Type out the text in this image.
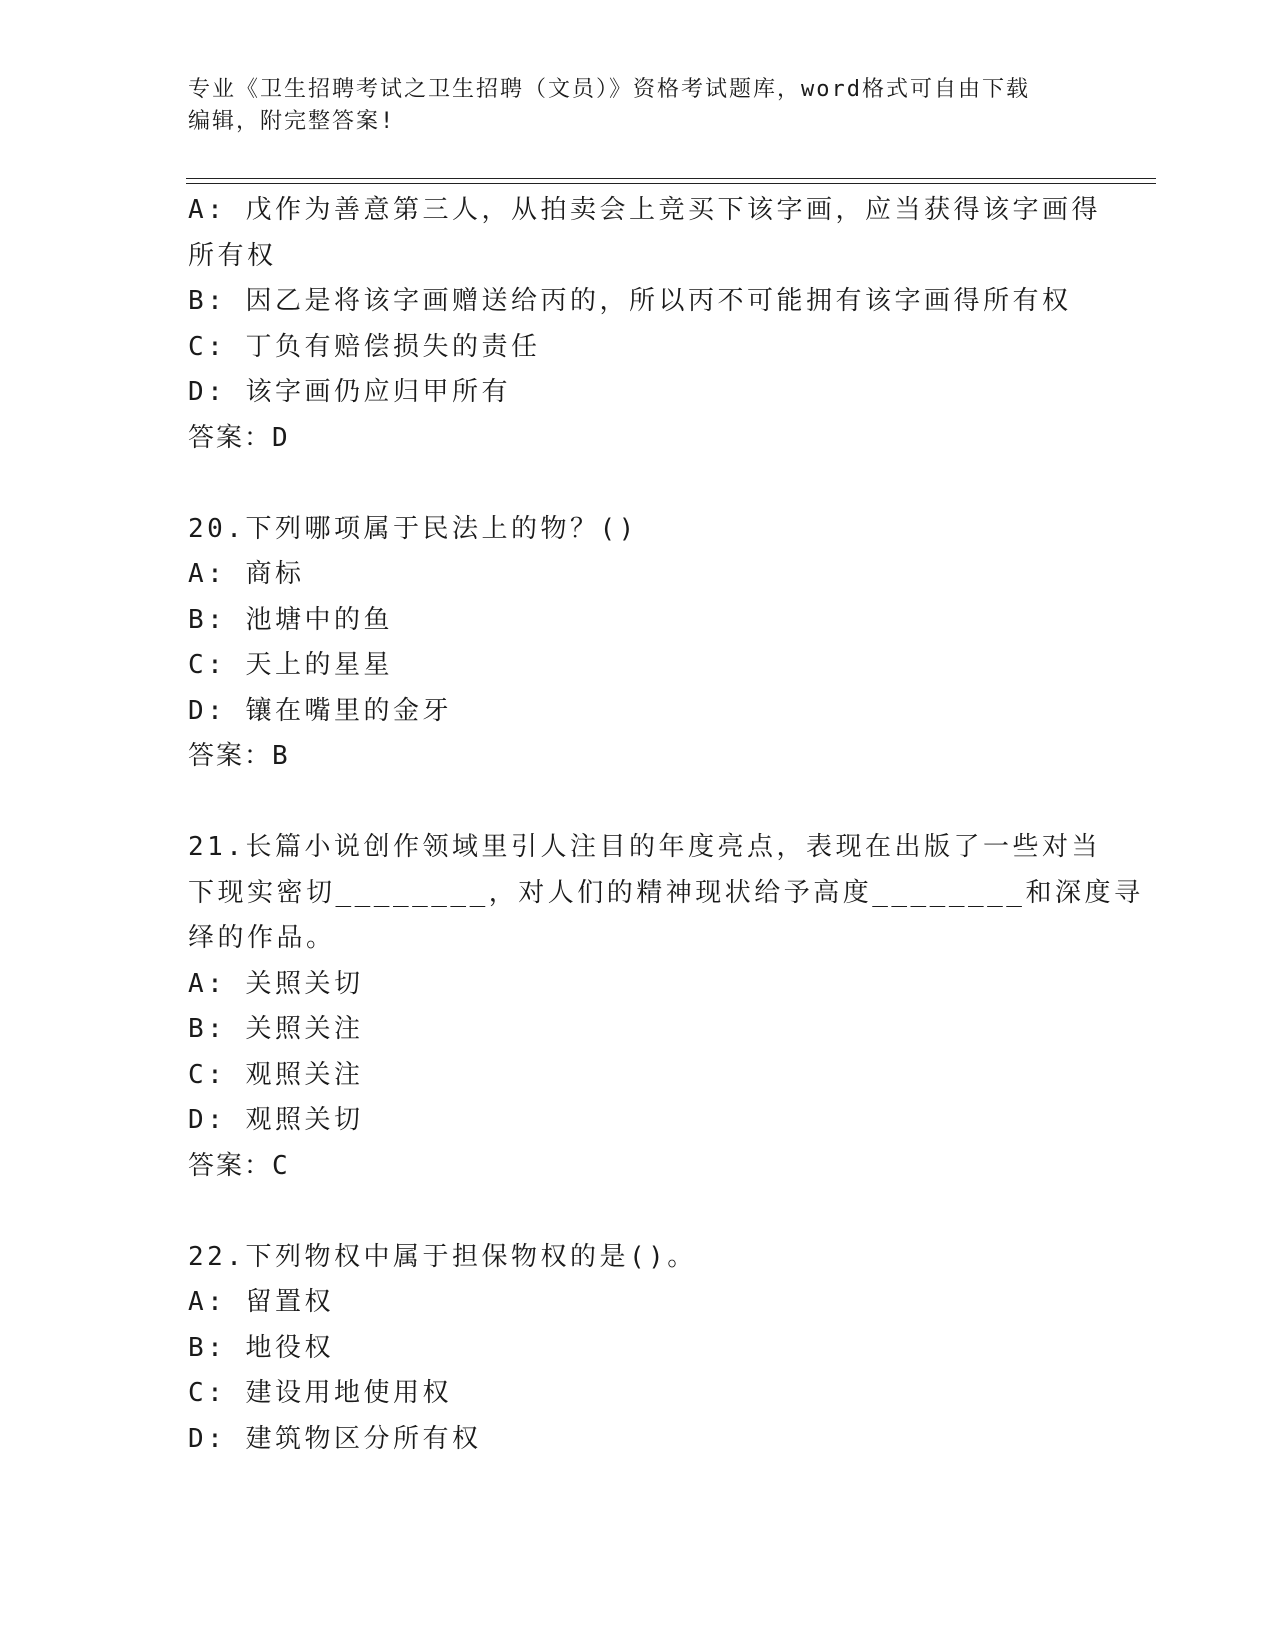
专业《卫生招聘考试之卫生招聘（文员）》资格考试题库，word格式可自由下载
编辑，附完整答案!
A: 戊作为善意第三人，从拍卖会上竞买下该字画，应当获得该字画得
所有权
B: 因乙是将该字画赠送给丙的，所以丙不可能拥有该字画得所有权
C: 丁负有赔偿损失的责任
D: 该字画仍应归甲所有
答案：D
20.下列哪项属于民法上的物？()
A: 商标
B: 池塘中的鱼
C: 天上的星星
D: 镶在嘴里的金牙
答案：B
21.长篇小说创作领域里引人注目的年度亮点，表现在出版了一些对当
下现实密切________，对人们的精神现状给予高度________和深度寻
绎的作品。
A: 关照关切
B: 关照关注
C: 观照关注
D: 观照关切
答案：C
22.下列物权中属于担保物权的是()。
A: 留置权
B: 地役权
C: 建设用地使用权
D: 建筑物区分所有权
